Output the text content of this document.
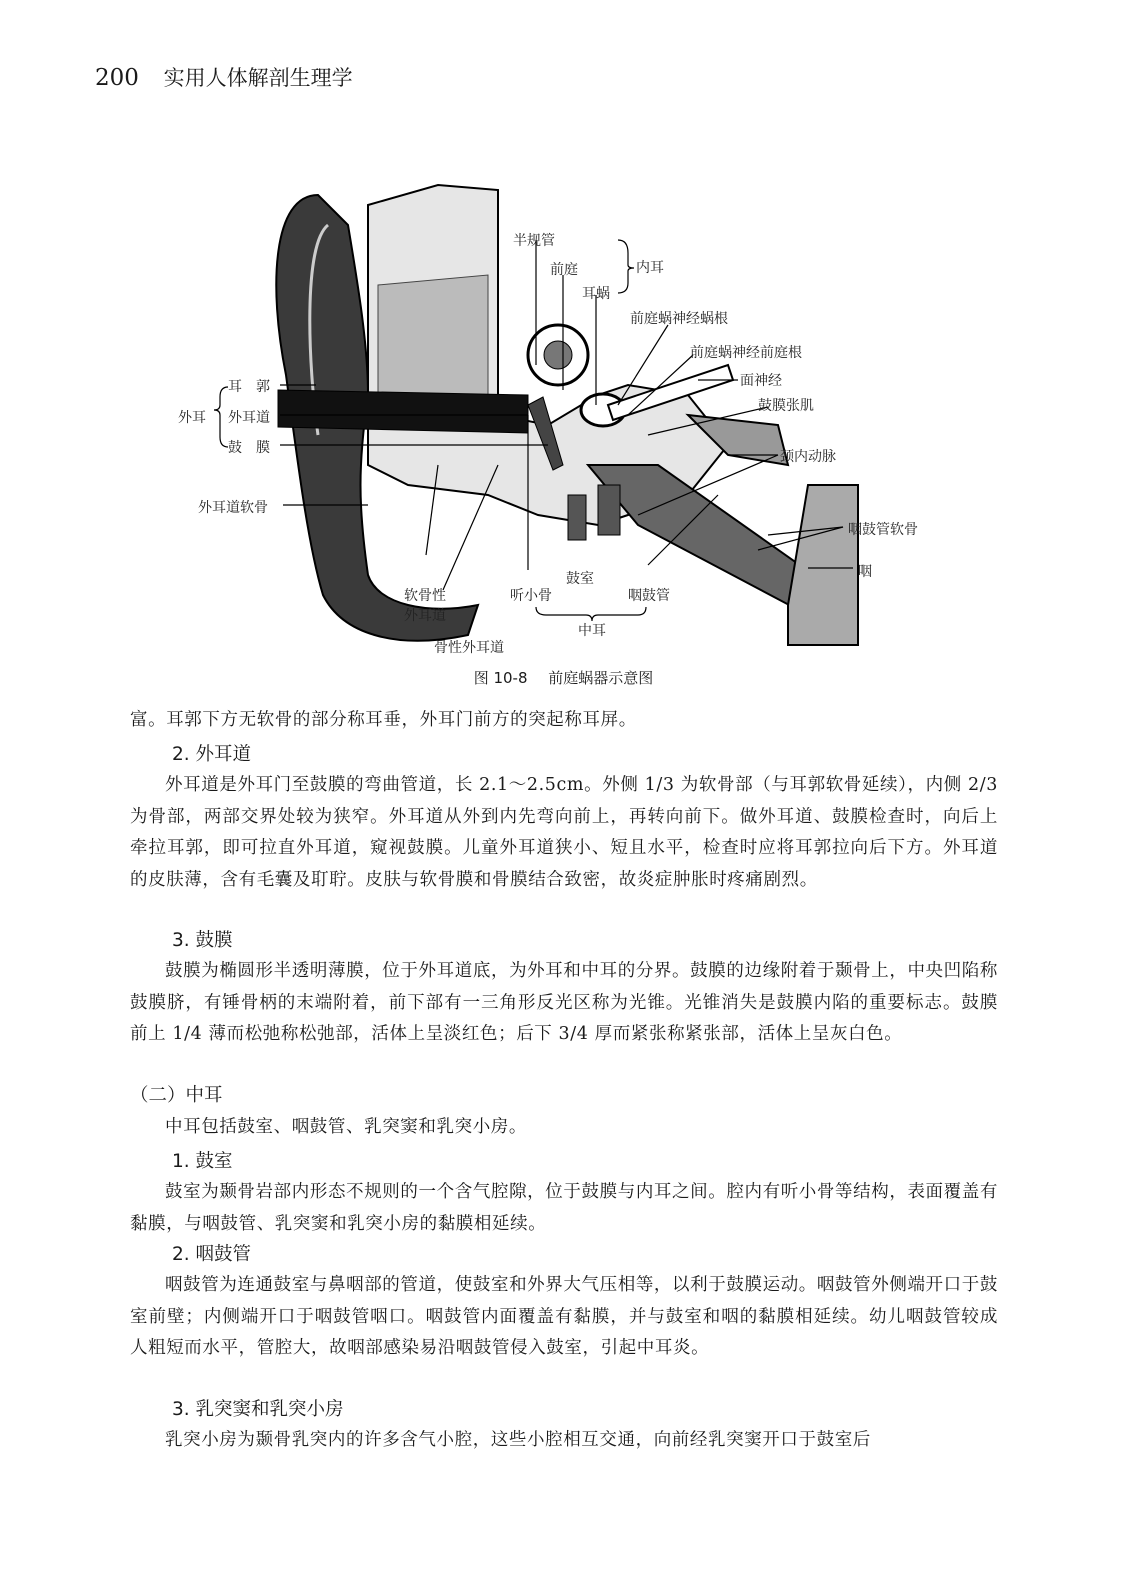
200 实用人体解剖生理学
半规管
前庭
耳蜗
内耳
前庭蜗神经蜗根
前庭蜗神经前庭根
面神经
鼓膜张肌
颈内动脉
耳　郭
外耳 外耳道
鼓　膜
外耳道软骨
咽鼓管软骨
咽
软骨性
外耳道
听小骨
鼓室
咽鼓管
中耳
骨性外耳道
图 10-8 前庭蜗器示意图
富。耳郭下方无软骨的部分称耳垂，外耳门前方的突起称耳屏。
2. 外耳道
外耳道是外耳门至鼓膜的弯曲管道，长 2.1～2.5cm。外侧 1/3 为软骨部（与耳郭软骨延续），内侧 2/3 为骨部，两部交界处较为狭窄。外耳道从外到内先弯向前上，再转向前下。做外耳道、鼓膜检查时，向后上牵拉耳郭，即可拉直外耳道，窥视鼓膜。儿童外耳道狭小、短且水平，检查时应将耳郭拉向后下方。外耳道的皮肤薄，含有毛囊及耵聍。皮肤与软骨膜和骨膜结合致密，故炎症肿胀时疼痛剧烈。
3. 鼓膜
鼓膜为椭圆形半透明薄膜，位于外耳道底，为外耳和中耳的分界。鼓膜的边缘附着于颞骨上，中央凹陷称鼓膜脐，有锤骨柄的末端附着，前下部有一三角形反光区称为光锥。光锥消失是鼓膜内陷的重要标志。鼓膜前上 1/4 薄而松弛称松弛部，活体上呈淡红色；后下 3/4 厚而紧张称紧张部，活体上呈灰白色。
（二）中耳
中耳包括鼓室、咽鼓管、乳突窦和乳突小房。
1. 鼓室
鼓室为颞骨岩部内形态不规则的一个含气腔隙，位于鼓膜与内耳之间。腔内有听小骨等结构，表面覆盖有黏膜，与咽鼓管、乳突窦和乳突小房的黏膜相延续。
2. 咽鼓管
咽鼓管为连通鼓室与鼻咽部的管道，使鼓室和外界大气压相等，以利于鼓膜运动。咽鼓管外侧端开口于鼓室前壁；内侧端开口于咽鼓管咽口。咽鼓管内面覆盖有黏膜，并与鼓室和咽的黏膜相延续。幼儿咽鼓管较成人粗短而水平，管腔大，故咽部感染易沿咽鼓管侵入鼓室，引起中耳炎。
3. 乳突窦和乳突小房
乳突小房为颞骨乳突内的许多含气小腔，这些小腔相互交通，向前经乳突窦开口于鼓室后
